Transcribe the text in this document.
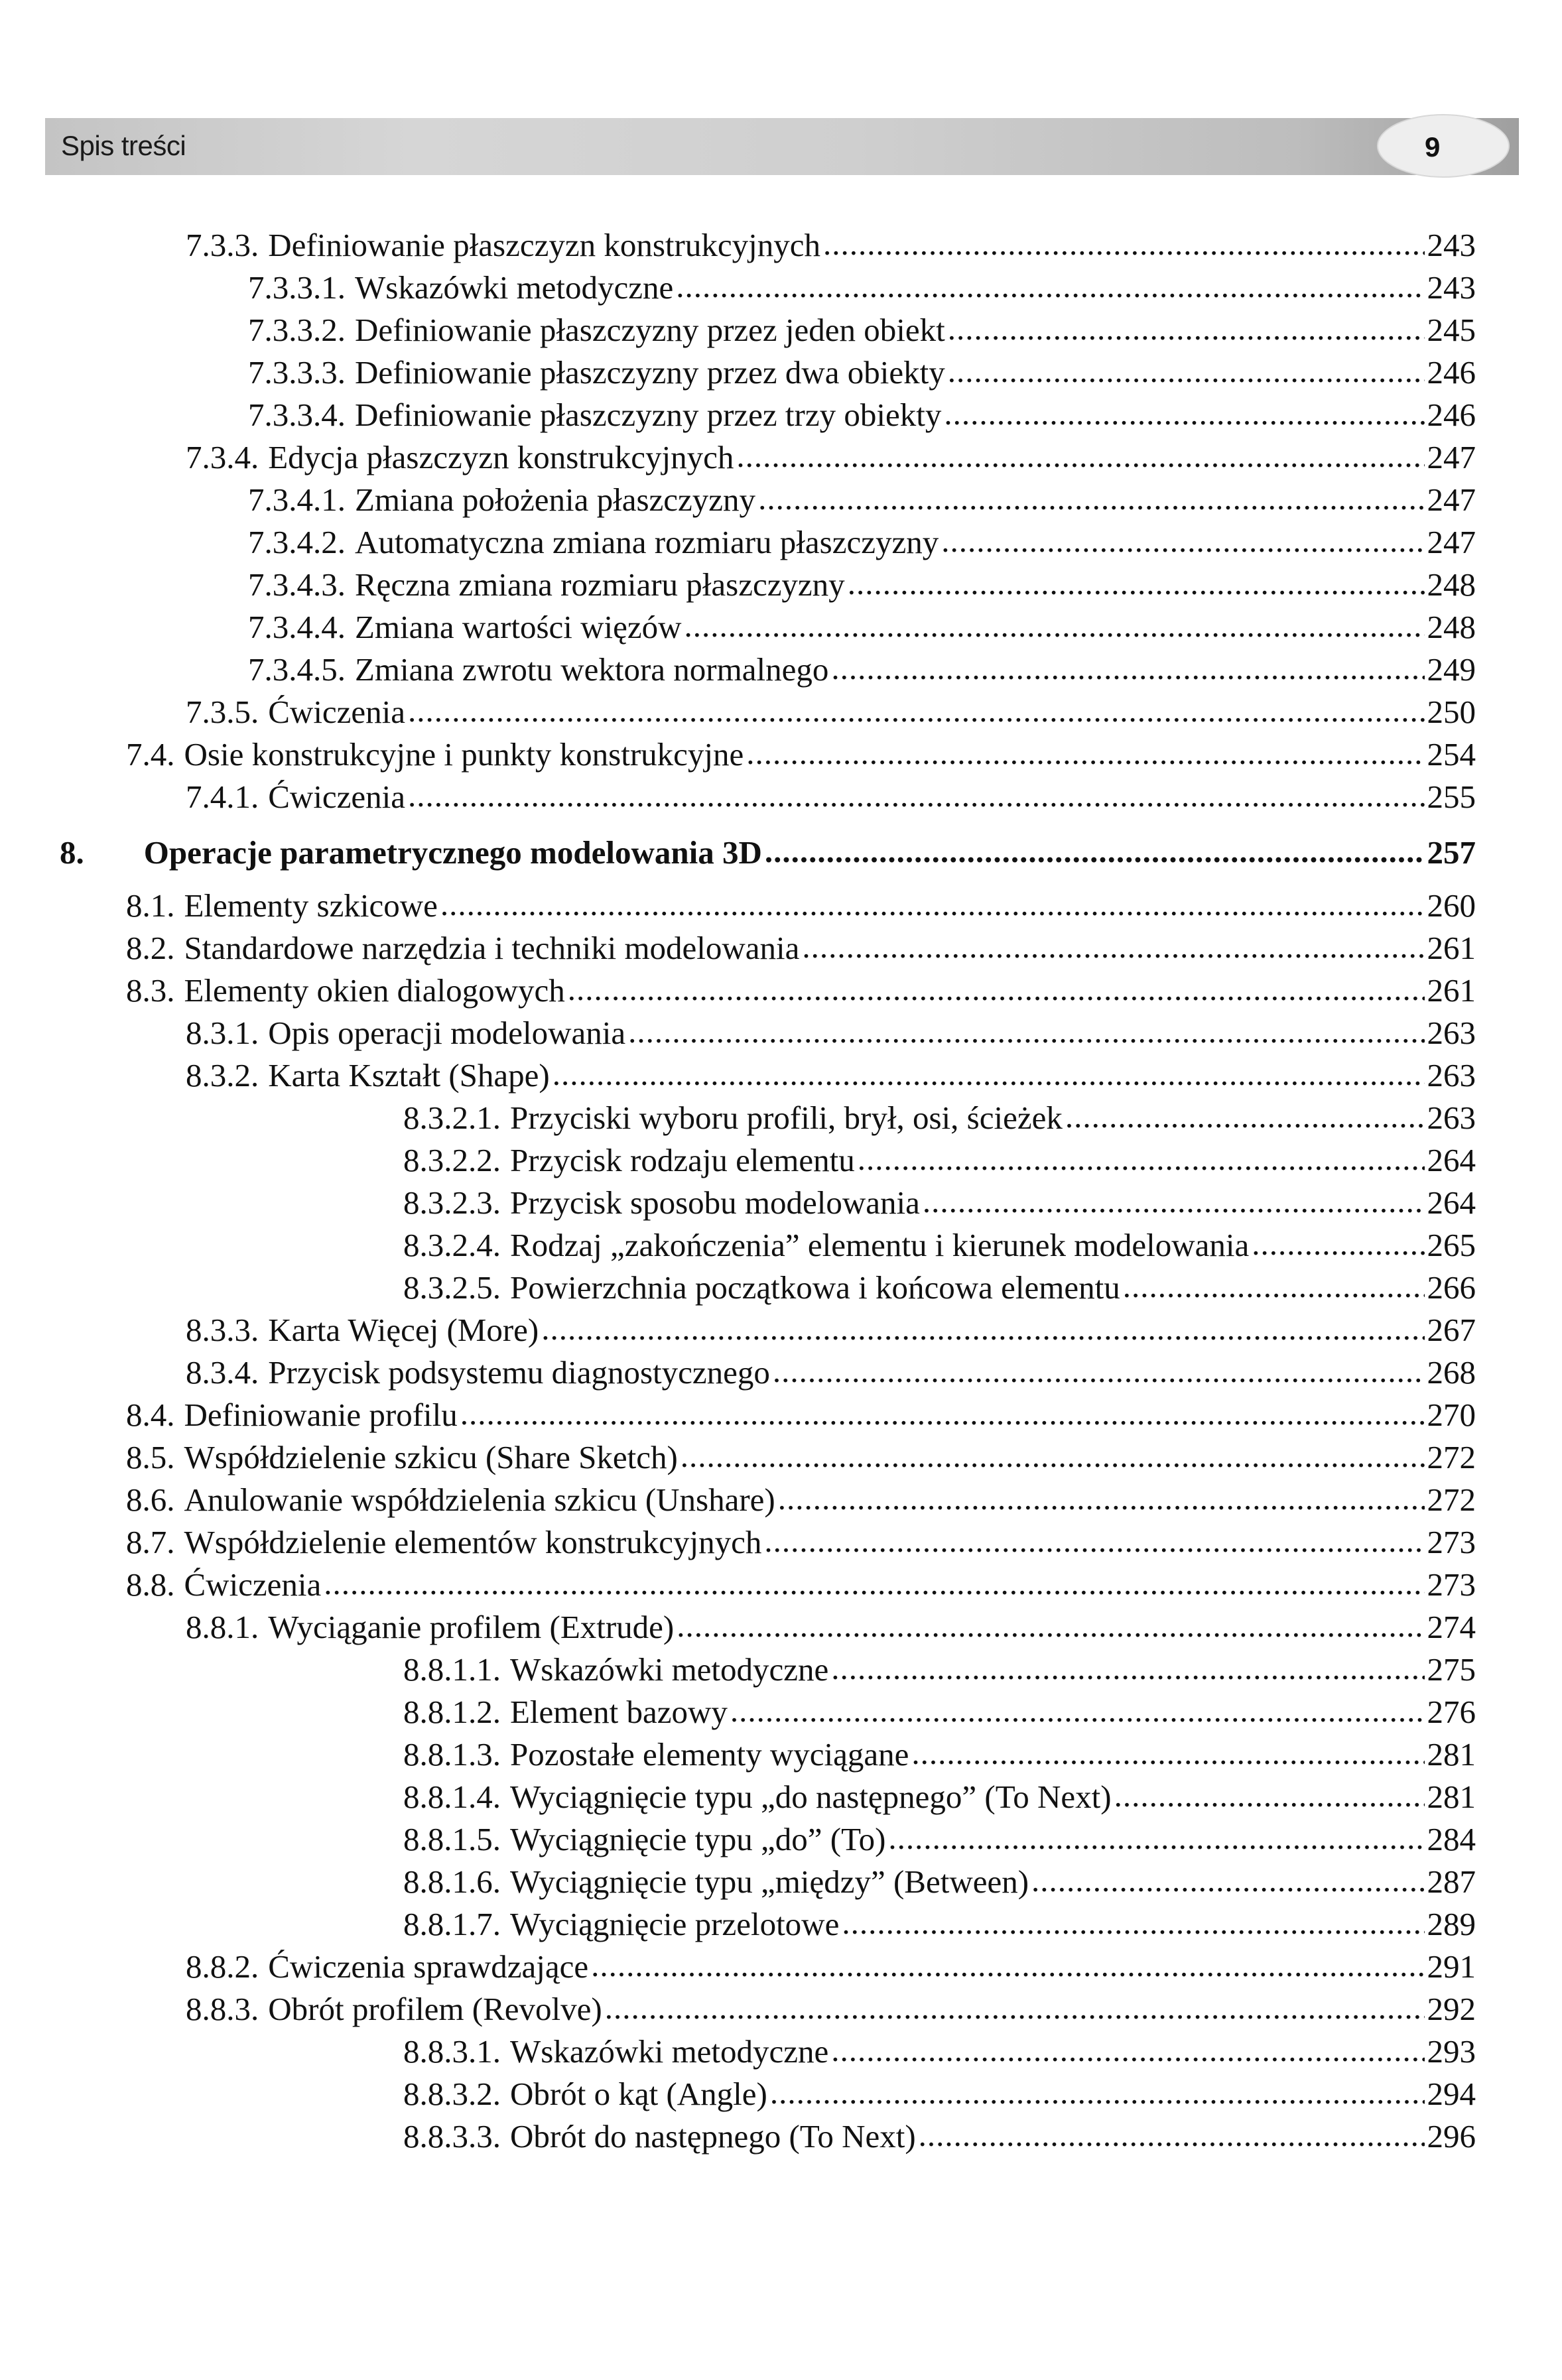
Spis treści	9
7.3.3. Definiowanie płaszczyzn konstrukcyjnych .....	243
7.3.3.1. Wskazówki metodyczne .....	243
7.3.3.2. Definiowanie płaszczyzny przez jeden obiekt .....	245
7.3.3.3. Definiowanie płaszczyzny przez dwa obiekty .....	246
7.3.3.4. Definiowanie płaszczyzny przez trzy obiekty .....	246
7.3.4. Edycja płaszczyzn konstrukcyjnych .....	247
7.3.4.1. Zmiana położenia płaszczyzny .....	247
7.3.4.2. Automatyczna zmiana rozmiaru płaszczyzny .....	247
7.3.4.3. Ręczna zmiana rozmiaru płaszczyzny .....	248
7.3.4.4. Zmiana wartości więzów .....	248
7.3.4.5. Zmiana zwrotu wektora normalnego .....	249
7.3.5. Ćwiczenia .....	250
7.4. Osie konstrukcyjne i punkty konstrukcyjne .....	254
7.4.1. Ćwiczenia .....	255
8.	Operacje parametrycznego modelowania 3D .....	257
8.1. Elementy szkicowe .....	260
8.2. Standardowe narzędzia i techniki modelowania .....	261
8.3. Elementy okien dialogowych .....	261
8.3.1. Opis operacji modelowania .....	263
8.3.2. Karta Kształt (Shape) .....	263
8.3.2.1. Przyciski wyboru profili, brył, osi, ścieżek .....	263
8.3.2.2. Przycisk rodzaju elementu .....	264
8.3.2.3. Przycisk sposobu modelowania .....	264
8.3.2.4. Rodzaj „zakończenia” elementu i kierunek modelowania .....	265
8.3.2.5. Powierzchnia początkowa i końcowa elementu .....	266
8.3.3. Karta Więcej (More) .....	267
8.3.4. Przycisk podsystemu diagnostycznego .....	268
8.4. Definiowanie profilu .....	270
8.5. Współdzielenie szkicu (Share Sketch) .....	272
8.6. Anulowanie współdzielenia szkicu (Unshare) .....	272
8.7. Współdzielenie elementów konstrukcyjnych .....	273
8.8. Ćwiczenia .....	273
8.8.1. Wyciąganie profilem (Extrude) .....	274
8.8.1.1. Wskazówki metodyczne .....	275
8.8.1.2. Element bazowy .....	276
8.8.1.3. Pozostałe elementy wyciągane .....	281
8.8.1.4. Wyciągnięcie typu „do następnego” (To Next) .....	281
8.8.1.5. Wyciągnięcie typu „do” (To) .....	284
8.8.1.6. Wyciągnięcie typu „między” (Between) .....	287
8.8.1.7. Wyciągnięcie przelotowe .....	289
8.8.2. Ćwiczenia sprawdzające .....	291
8.8.3. Obrót profilem (Revolve) .....	292
8.8.3.1. Wskazówki metodyczne .....	293
8.8.3.2. Obrót o kąt (Angle) .....	294
8.8.3.3. Obrót do następnego (To Next) .....	296
